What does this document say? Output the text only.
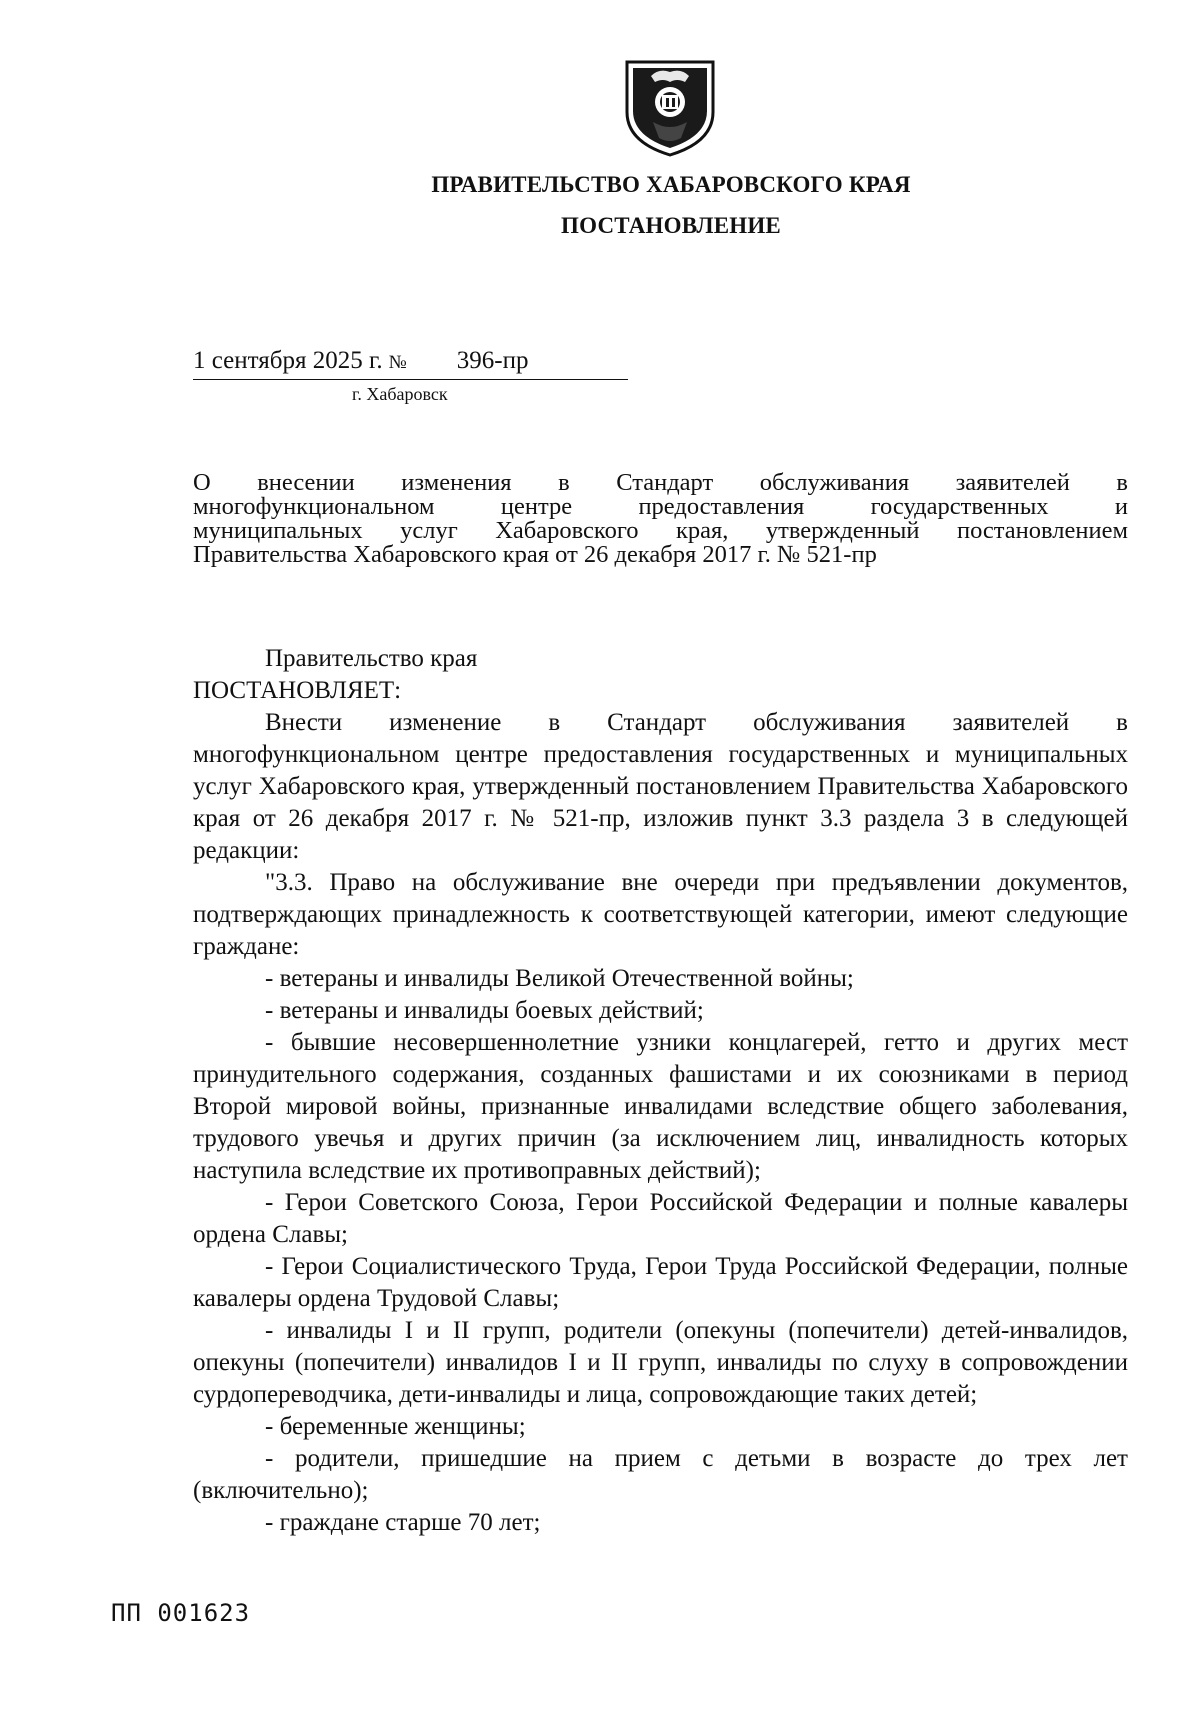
ПРАВИТЕЛЬСТВО ХАБАРОВСКОГО КРАЯ
ПОСТАНОВЛЕНИЕ
1 сентября 2025 г. № 396-пр
г. Хабаровск
О внесении изменения в Стандарт обслуживания заявителей в
многофункциональном центре предоставления государственных и
муниципальных услуг Хабаровского края, утвержденный постановлением
Правительства Хабаровского края от 26 декабря 2017 г. № 521-пр

Правительство края

ПОСТАНОВЛЯЕТ:

Внести изменение в Стандарт обслуживания заявителей в многофункциональном центре предоставления государственных и муниципальных услуг Хабаровского края, утвержденный постановлением Правительства Хабаровского края от 26 декабря 2017 г. № 521-пр, изложив пункт 3.3 раздела 3 в следующей редакции:

"3.3. Право на обслуживание вне очереди при предъявлении документов, подтверждающих принадлежность к соответствующей категории, имеют следующие граждане:

- ветераны и инвалиды Великой Отечественной войны;

- ветераны и инвалиды боевых действий;

- бывшие несовершеннолетние узники концлагерей, гетто и других мест принудительного содержания, созданных фашистами и их союзниками в период Второй мировой войны, признанные инвалидами вследствие общего заболевания, трудового увечья и других причин (за исключением лиц, инвалидность которых наступила вследствие их противоправных действий);

- Герои Советского Союза, Герои Российской Федерации и полные кавалеры ордена Славы;

- Герои Социалистического Труда, Герои Труда Российской Федерации, полные кавалеры ордена Трудовой Славы;

- инвалиды I и II групп, родители (опекуны (попечители) детей-инвалидов, опекуны (попечители) инвалидов I и II групп, инвалиды по слуху в сопровождении сурдопереводчика, дети-инвалиды и лица, сопровождающие таких детей;

- беременные женщины;

- родители, пришедшие на прием с детьми в возрасте до трех лет (включительно);

- граждане старше 70 лет;

ПП 001623
